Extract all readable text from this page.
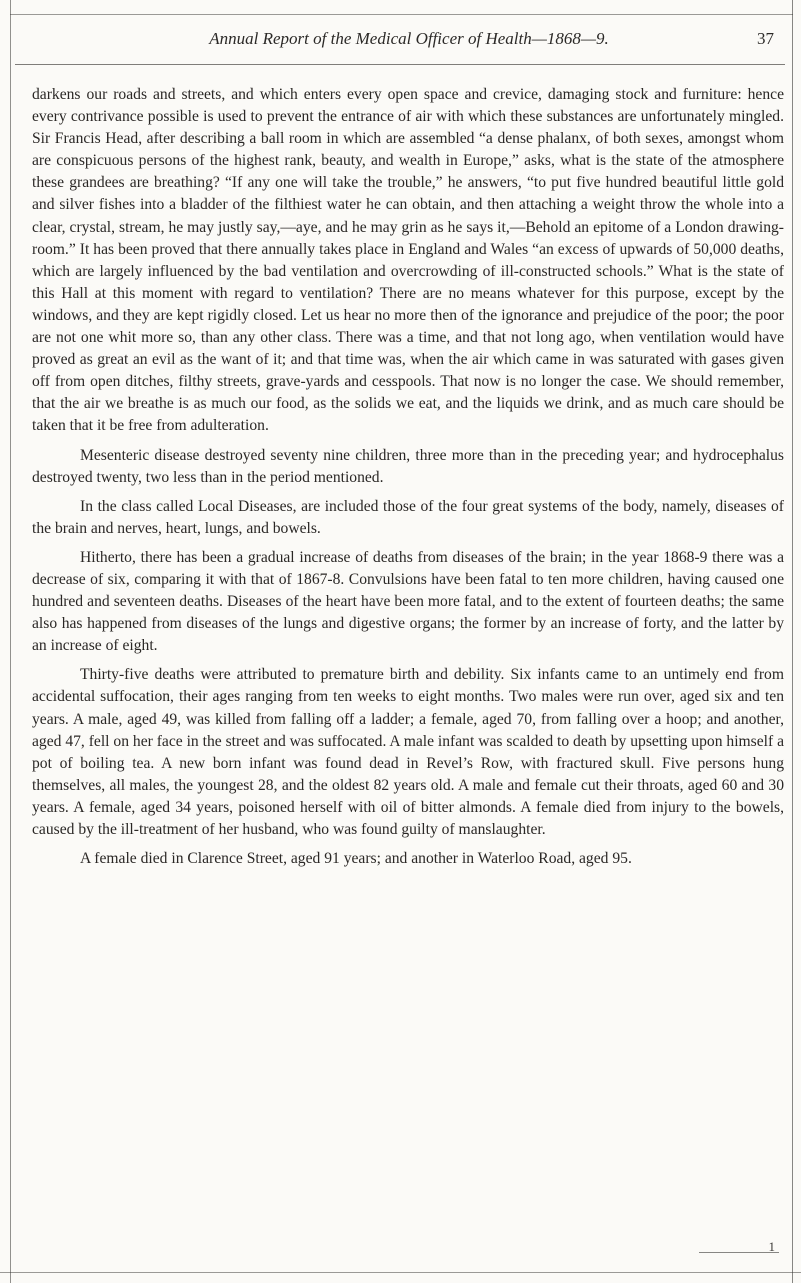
Annual Report of the Medical Officer of Health—1868—9.	37

darkens our roads and streets, and which enters every open space and crevice, damaging stock and furniture: hence every contrivance possible is used to prevent the entrance of air with which these substances are unfortunately mingled. Sir Francis Head, after describing a ball room in which are assembled “a dense phalanx, of both sexes, amongst whom are conspicuous persons of the highest rank, beauty, and wealth in Europe,” asks, what is the state of the atmosphere these grandees are breathing? “If any one will take the trouble,” he answers, “to put five hundred beautiful little gold and silver fishes into a bladder of the filthiest water he can obtain, and then attaching a weight throw the whole into a clear, crystal, stream, he may justly say,—aye, and he may grin as he says it,—Behold an epitome of a London drawing-room.” It has been proved that there annually takes place in England and Wales “an excess of upwards of 50,000 deaths, which are largely influenced by the bad ventilation and overcrowding of ill-constructed schools.” What is the state of this Hall at this moment with regard to ventilation? There are no means whatever for this purpose, except by the windows, and they are kept rigidly closed. Let us hear no more then of the ignorance and prejudice of the poor; the poor are not one whit more so, than any other class. There was a time, and that not long ago, when ventilation would have proved as great an evil as the want of it; and that time was, when the air which came in was saturated with gases given off from open ditches, filthy streets, grave-yards and cesspools. That now is no longer the case. We should remember, that the air we breathe is as much our food, as the solids we eat, and the liquids we drink, and as much care should be taken that it be free from adulteration.

Mesenteric disease destroyed seventy nine children, three more than in the preceding year; and hydrocephalus destroyed twenty, two less than in the period mentioned.

In the class called Local Diseases, are included those of the four great systems of the body, namely, diseases of the brain and nerves, heart, lungs, and bowels.

Hitherto, there has been a gradual increase of deaths from diseases of the brain; in the year 1868-9 there was a decrease of six, comparing it with that of 1867-8. Convulsions have been fatal to ten more children, having caused one hundred and seventeen deaths. Diseases of the heart have been more fatal, and to the extent of fourteen deaths; the same also has happened from diseases of the lungs and digestive organs; the former by an increase of forty, and the latter by an increase of eight.

Thirty-five deaths were attributed to premature birth and debility. Six infants came to an untimely end from accidental suffocation, their ages ranging from ten weeks to eight months. Two males were run over, aged six and ten years. A male, aged 49, was killed from falling off a ladder; a female, aged 70, from falling over a hoop; and another, aged 47, fell on her face in the street and was suffocated. A male infant was scalded to death by upsetting upon himself a pot of boiling tea. A new born infant was found dead in Revel’s Row, with fractured skull. Five persons hung themselves, all males, the youngest 28, and the oldest 82 years old. A male and female cut their throats, aged 60 and 30 years. A female, aged 34 years, poisoned herself with oil of bitter almonds. A female died from injury to the bowels, caused by the ill-treatment of her husband, who was found guilty of manslaughter.

A female died in Clarence Street, aged 91 years; and another in Waterloo Road, aged 95.

1
